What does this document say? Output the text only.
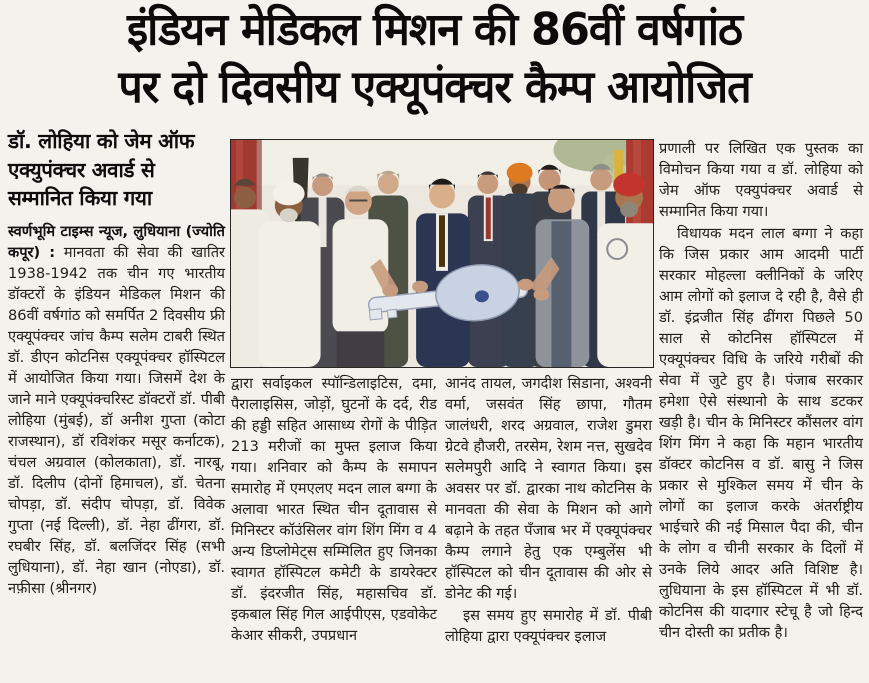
इंडियन मेडिकल मिशन की 86वीं वर्षगांठ
पर दो दिवसीय एक्यूपंक्चर कैम्प आयोजित
डॉ. लोहिया को जेम ऑफ एक्युपंक्चर अवार्ड से सम्मानित किया गया

स्वर्णभूमि टाइम्स न्यूज, लुधियाना (ज्योति कपूर) : मानवता की सेवा की खातिर 1938-1942 तक चीन गए भारतीय डॉक्टरों के इंडियन मेडिकल मिशन की 86वीं वर्षगांठ को समर्पित 2 दिवसीय फ्री एक्यूपंक्चर जांच कैम्प सलेम टाबरी स्थित डॉ. डीएन कोटनिस एक्यूपंक्चर हॉस्पिटल में आयोजित किया गया। जिसमें देश के जाने माने एक्यूपंक्चरिस्ट डॉक्टरों डॉ. पीबी लोहिया (मुंबई), डॉ अनीश गुप्ता (कोटा राजस्थान), डॉ रविशंकर मसूर कर्नाटक), चंचल अग्रवाल (कोलकाता), डॉ. नारबू, डॉ. दिलीप (दोनों हिमाचल), डॉ. चेतना चोपड़ा, डॉ. संदीप चोपड़ा, डॉ. विवेक गुप्ता (नई दिल्ली), डॉ. नेहा ढींगरा, डॉ. रघबीर सिंह, डॉ. बलजिंदर सिंह (सभी लुधियाना), डॉ. नेहा खान (नोएडा), डॉ. नफ़ीसा (श्रीनगर)

द्वारा सर्वाइकल स्पॉन्डिलाइटिस, दमा, पैरालाइसिस, जोड़ों, घुटनों के दर्द, रीड की हड्डी सहित आसाध्य रोगों के पीड़ित 213 मरीजों का मुफ्त इलाज किया गया। शनिवार को कैम्प के समापन समारोह में एमएलए मदन लाल बग्गा के अलावा भारत स्थित चीन दूतावास से मिनिस्टर कॉउंसिलर वांग शिंग मिंग व 4 अन्य डिप्लोमेट्स सम्मिलित हुए जिनका स्वागत हॉस्पिटल कमेटी के डायरेक्टर डॉ. इंदरजीत सिंह, महासचिव डॉ. इकबाल सिंह गिल आईपीएस, एडवोकेट केआर सीकरी, उपप्रधान

आनंद तायल, जगदीश सिडाना, अश्वनी वर्मा, जसवंत सिंह छापा, गौतम जालंधरी, शरद अग्रवाल, राजेश डुमरा ग्रेटवे हौजरी, तरसेम, रेशम नत्त, सुखदेव सलेमपुरी आदि ने स्वागत किया। इस अवसर पर डॉ. द्वारका नाथ कोटनिस के मानवता की सेवा के मिशन को आगे बढ़ाने के तहत पँजाब भर में एक्यूपंक्चर कैम्प लगाने हेतु एक एम्बुलेंस भी हॉस्पिटल को चीन दूतावास की ओर से डोनेट की गई।

इस समय हुए समारोह में डॉ. पीबी लोहिया द्वारा एक्यूपंक्चर इलाज

प्रणाली पर लिखित एक पुस्तक का विमोचन किया गया व डॉ. लोहिया को जेम ऑफ एक्युपंक्चर अवार्ड से सम्मानित किया गया।

विधायक मदन लाल बग्गा ने कहा कि जिस प्रकार आम आदमी पार्टी सरकार मोहल्ला क्लीनिकों के जरिए आम लोगों को इलाज दे रही है, वैसे ही डॉ. इंद्रजीत सिंह ढींगरा पिछले 50 साल से कोटनिस हॉस्पिटल में एक्यूपंक्चर विधि के जरिये गरीबों की सेवा में जुटे हुए है। पंजाब सरकार हमेशा ऐसे संस्थानो के साथ डटकर खड़ी है। चीन के मिनिस्टर कौंसलर वांग शिंग मिंग ने कहा कि महान भारतीय डॉक्टर कोटनिस व डॉ. बासु ने जिस प्रकार से मुश्किल समय में चीन के लोगों का इलाज करके अंतर्राष्ट्रीय भाईचारे की नई मिसाल पैदा की, चीन के लोग व चीनी सरकार के दिलों में उनके लिये आदर अति विशिष्ट है। लुधियाना के इस हॉस्पिटल में भी डॉ. कोटनिस की यादगार स्टेचू है जो हिन्द चीन दोस्ती का प्रतीक है।
